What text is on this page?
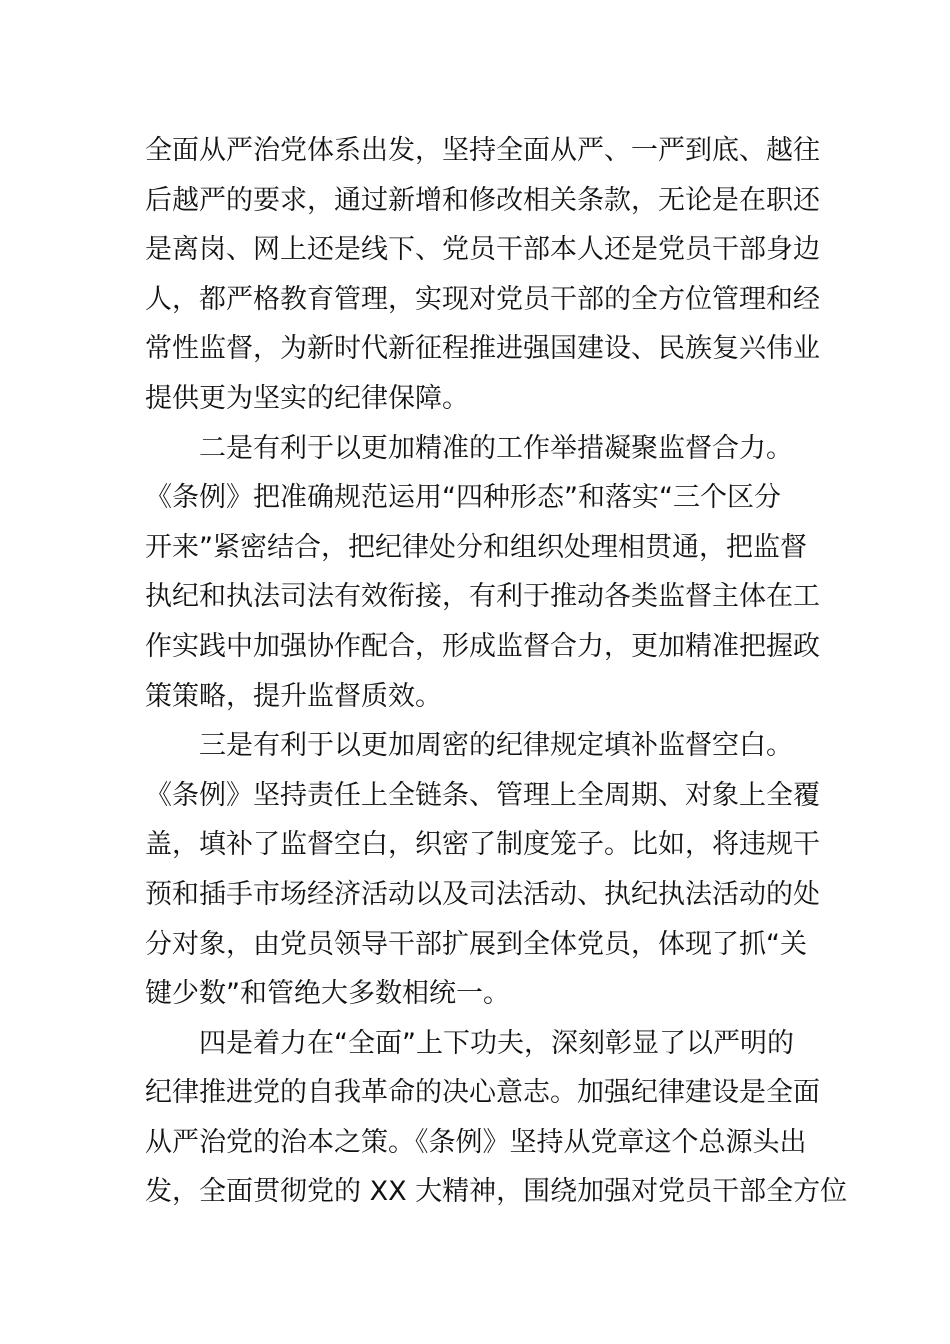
全面从严治党体系出发，坚持全面从严、一严到底、越往
后越严的要求，通过新增和修改相关条款，无论是在职还
是离岗、网上还是线下、党员干部本人还是党员干部身边
人，都严格教育管理，实现对党员干部的全方位管理和经
常性监督，为新时代新征程推进强国建设、民族复兴伟业
提供更为坚实的纪律保障。
二是有利于以更加精准的工作举措凝聚监督合力。
《条例》把准确规范运用“四种形态”和落实“三个区分
开来”紧密结合，把纪律处分和组织处理相贯通，把监督
执纪和执法司法有效衔接，有利于推动各类监督主体在工
作实践中加强协作配合，形成监督合力，更加精准把握政
策策略，提升监督质效。
三是有利于以更加周密的纪律规定填补监督空白。
《条例》坚持责任上全链条、管理上全周期、对象上全覆
盖，填补了监督空白，织密了制度笼子。比如，将违规干
预和插手市场经济活动以及司法活动、执纪执法活动的处
分对象，由党员领导干部扩展到全体党员，体现了抓“关
键少数”和管绝大多数相统一。
四是着力在“全面”上下功夫，深刻彰显了以严明的
纪律推进党的自我革命的决心意志。加强纪律建设是全面
从严治党的治本之策。《条例》坚持从党章这个总源头出
发，全面贯彻党的 XX 大精神，围绕加强对党员干部全方位
